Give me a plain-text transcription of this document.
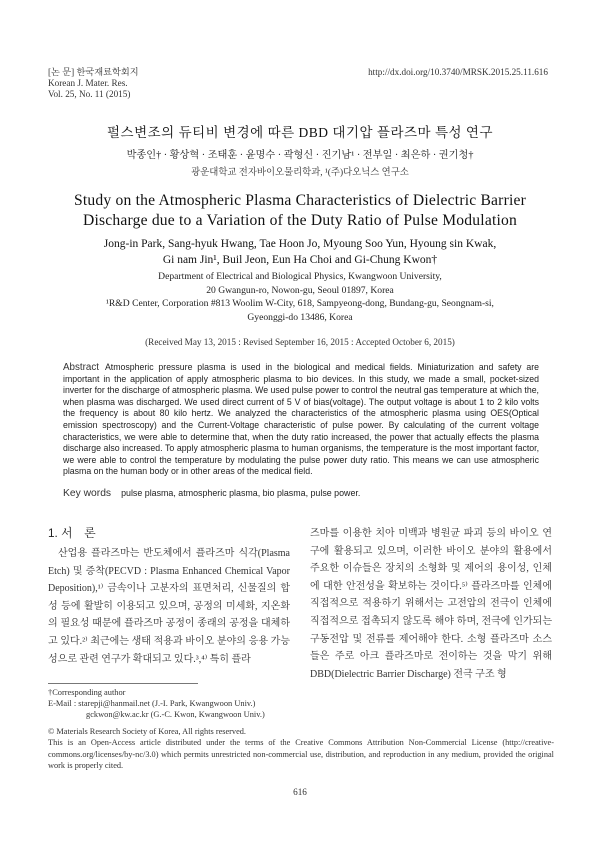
[논 문] 한국재료학회지
Korean J. Mater. Res.
Vol. 25, No. 11 (2015)
http://dx.doi.org/10.3740/MRSK.2015.25.11.616
펄스변조의 듀티비 변경에 따른 DBD 대기압 플라즈마 특성 연구
박종인† · 황상혁 · 조태훈 · 윤명수 · 곽형신 · 진기남¹ · 전부일 · 최은하 · 권기청†
광운대학교 전자바이오물리학과, ¹(주)다오닉스 연구소
Study on the Atmospheric Plasma Characteristics of Dielectric Barrier
Discharge due to a Variation of the Duty Ratio of Pulse Modulation
Jong-in Park, Sang-hyuk Hwang, Tae Hoon Jo, Myoung Soo Yun, Hyoung sin Kwak,
Gi nam Jin¹, Buil Jeon, Eun Ha Choi and Gi-Chung Kwon†
Department of Electrical and Biological Physics, Kwangwoon University,
20 Gwangun-ro, Nowon-gu, Seoul 01897, Korea
¹R&D Center, Corporation #813 Woolim W-City, 618, Sampyeong-dong, Bundang-gu, Seongnam-si,
Gyeonggi-do 13486, Korea
(Received May 13, 2015 : Revised September 16, 2015 : Accepted October 6, 2015)
Abstract Atmospheric pressure plasma is used in the biological and medical fields. Miniaturization and safety are important in the application of apply atmospheric plasma to bio devices. In this study, we made a small, pocket-sized inverter for the discharge of atmospheric plasma. We used pulse power to control the neutral gas temperature at which the, when plasma was discharged. We used direct current of 5 V of bias(voltage). The output voltage is about 1 to 2 kilo volts the frequency is about 80 kilo hertz. We analyzed the characteristics of the atmospheric plasma using OES(Optical emission spectroscopy) and the Current-Voltage characteristic of pulse power. By calculating of the current voltage characteristics, we were able to determine that, when the duty ratio increased, the power that actually effects the plasma discharge also increased. To apply atmospheric plasma to human organisms, the temperature is the most important factor, we were able to control the temperature by modulating the pulse power duty ratio. This means we can use atmospheric plasma on the human body or in other areas of the medical field.
Key words pulse plasma, atmospheric plasma, bio plasma, pulse power.
1. 서　론
산업용 플라즈마는 반도체에서 플라즈마 식각(Plasma Etch) 및 증착(PECVD : Plasma Enhanced Chemical Vapor Deposition),¹⁾ 금속이나 고분자의 표면처리, 신물질의 합성 등에 활발히 이용되고 있으며, 공정의 미세화, 지온화의 필요성 때문에 플라즈마 공정이 종래의 공정을 대체하고 있다.²⁾ 최근에는 생태 적용과 바이오 분야의 응용 가능성으로 관련 연구가 확대되고 있다.³,⁴⁾ 특히 플라
즈마를 이용한 치아 미백과 병원균 파괴 등의 바이오 연구에 활용되고 있으며, 이러한 바이오 분야의 활용에서 주요한 이슈들은 장치의 소형화 및 제어의 용이성, 인체에 대한 안전성을 확보하는 것이다.⁵⁾ 플라즈마를 인체에 직접적으로 적용하기 위해서는 고전압의 전극이 인체에 직접적으로 접촉되지 않도록 해야 하며, 전극에 인가되는 구동전압 및 전류를 제어해야 한다. 소형 플라즈마 소스들은 주로 아크 플라즈마로 전이하는 것을 막기 위해 DBD(Dielectric Barrier Discharge) 전극 구조 형
†Corresponding author
E-Mail : starepji@hanmail.net (J.-I. Park, Kwangwoon Univ.)
gckwon@kw.ac.kr (G.-C. Kwon, Kwangwoon Univ.)
© Materials Research Society of Korea, All rights reserved.
This is an Open-Access article distributed under the terms of the Creative Commons Attribution Non-Commercial License (http://creative-commons.org/licenses/by-nc/3.0) which permits unrestricted non-commercial use, distribution, and reproduction in any medium, provided the original work is properly cited.
616
